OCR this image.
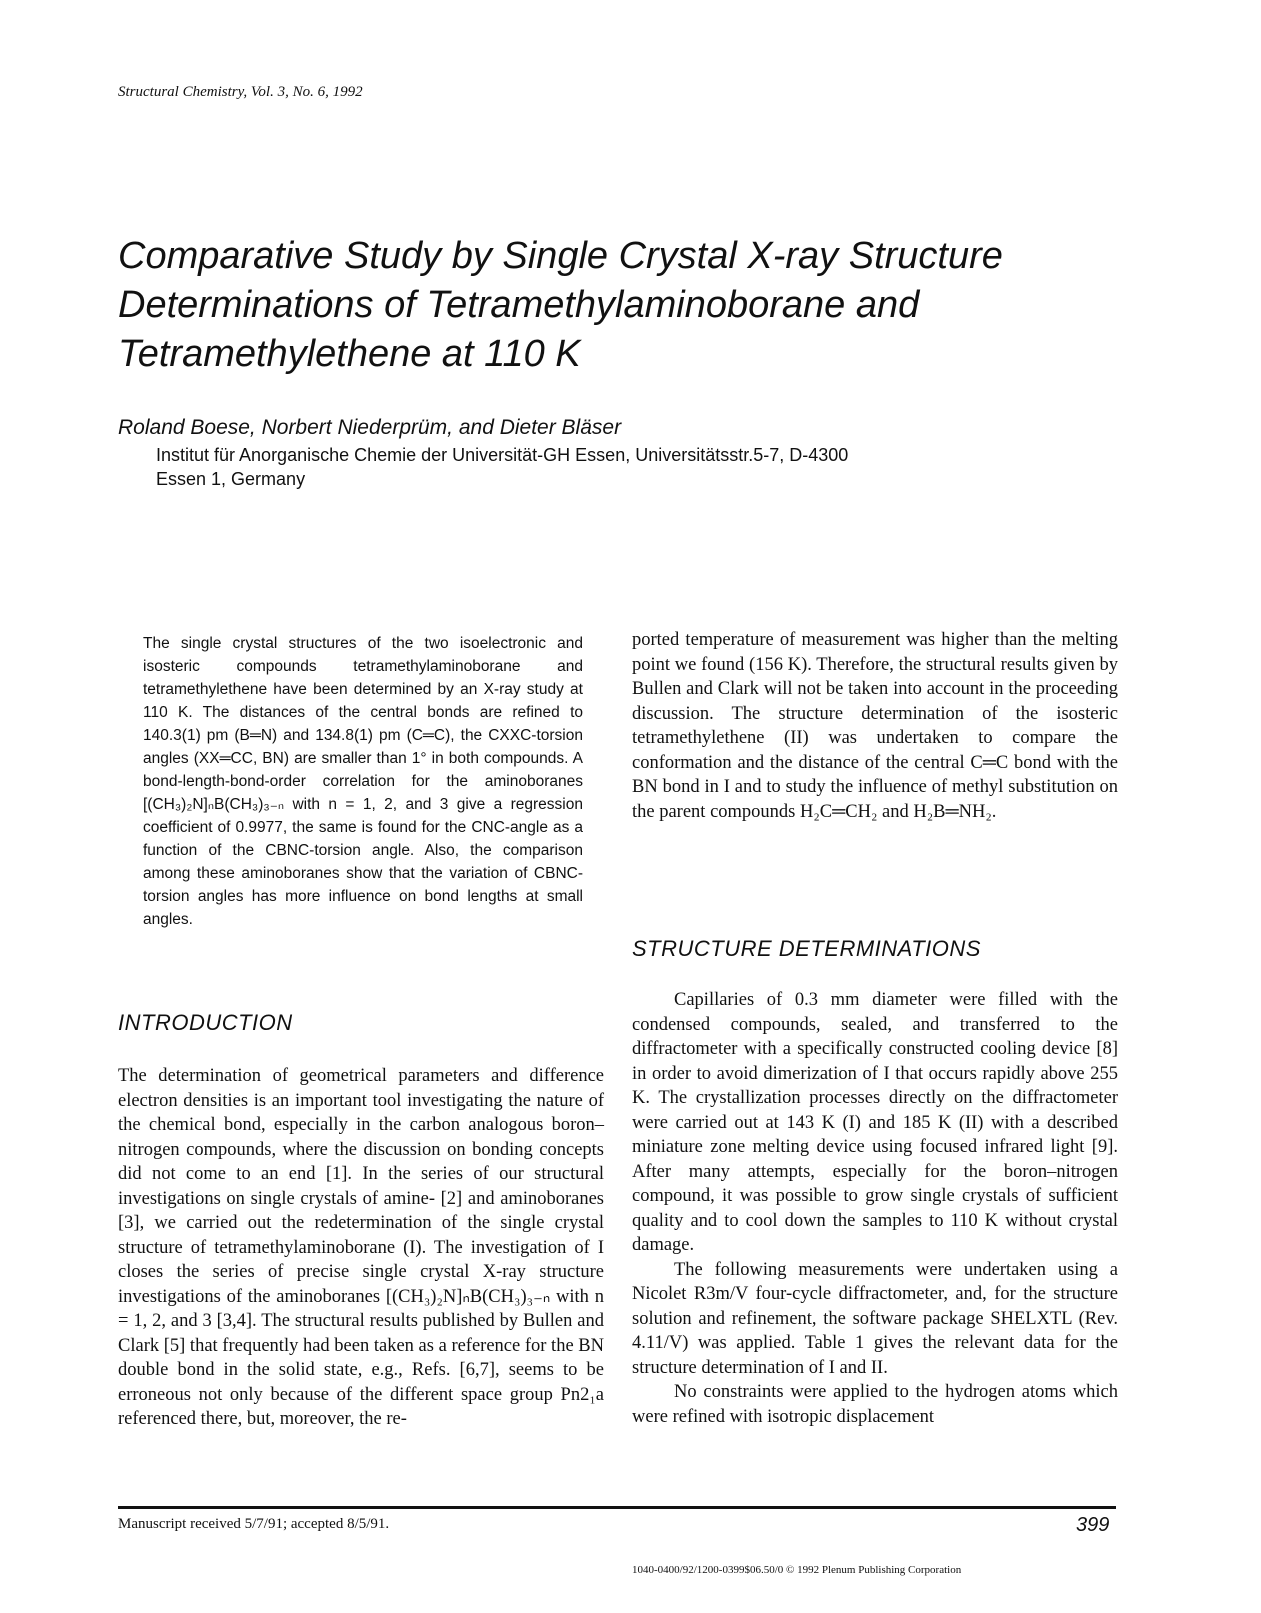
Structural Chemistry, Vol. 3, No. 6, 1992
Comparative Study by Single Crystal X-ray Structure
Determinations of Tetramethylaminoborane and
Tetramethylethene at 110 K
Roland Boese, Norbert Niederprüm, and Dieter Bläser
Institut für Anorganische Chemie der Universität-GH Essen, Universitätsstr.5-7, D-4300
Essen 1, Germany

The single crystal structures of the two isoelectronic and isosteric compounds tetramethylaminoborane and tetramethylethene have been determined by an X-ray study at 110 K. The distances of the central bonds are refined to 140.3(1) pm (B═N) and 134.8(1) pm (C═C), the CXXC-torsion angles (XX═CC, BN) are smaller than 1° in both compounds. A bond-length-bond-order correlation for the aminoboranes [(CH₃)₂N]ₙB(CH₃)₃₋ₙ with n = 1, 2, and 3 give a regression coefficient of 0.9977, the same is found for the CNC-angle as a function of the CBNC-torsion angle. Also, the comparison among these aminoboranes show that the variation of CBNC-torsion angles has more influence on bond lengths at small angles.

INTRODUCTION

The determination of geometrical parameters and difference electron densities is an important tool investigating the nature of the chemical bond, especially in the carbon analogous boron–nitrogen compounds, where the discussion on bonding concepts did not come to an end [1]. In the series of our structural investigations on single crystals of amine- [2] and aminoboranes [3], we carried out the redetermination of the single crystal structure of tetramethylaminoborane (I). The investigation of I closes the series of precise single crystal X-ray structure investigations of the aminoboranes [(CH₃)₂N]ₙB(CH₃)₃₋ₙ with n = 1, 2, and 3 [3,4]. The structural results published by Bullen and Clark [5] that frequently had been taken as a reference for the BN double bond in the solid state, e.g., Refs. [6,7], seems to be erroneous not only because of the different space group Pn2₁a referenced there, but, moreover, the re-

ported temperature of measurement was higher than the melting point we found (156 K). Therefore, the structural results given by Bullen and Clark will not be taken into account in the proceeding discussion. The structure determination of the isosteric tetramethylethene (II) was undertaken to compare the conformation and the distance of the central C═C bond with the BN bond in I and to study the influence of methyl substitution on the parent compounds H₂C═CH₂ and H₂B═NH₂.

STRUCTURE DETERMINATIONS

Capillaries of 0.3 mm diameter were filled with the condensed compounds, sealed, and transferred to the diffractometer with a specifically constructed cooling device [8] in order to avoid dimerization of I that occurs rapidly above 255 K. The crystallization processes directly on the diffractometer were carried out at 143 K (I) and 185 K (II) with a described miniature zone melting device using focused infrared light [9]. After many attempts, especially for the boron–nitrogen compound, it was possible to grow single crystals of sufficient quality and to cool down the samples to 110 K without crystal damage.

The following measurements were undertaken using a Nicolet R3m/V four-cycle diffractometer, and, for the structure solution and refinement, the software package SHELXTL (Rev. 4.11/V) was applied. Table 1 gives the relevant data for the structure determination of I and II.

No constraints were applied to the hydrogen atoms which were refined with isotropic displacement

Manuscript received 5/7/91; accepted 8/5/91.	399
1040-0400/92/1200-0399$06.50/0 © 1992 Plenum Publishing Corporation
